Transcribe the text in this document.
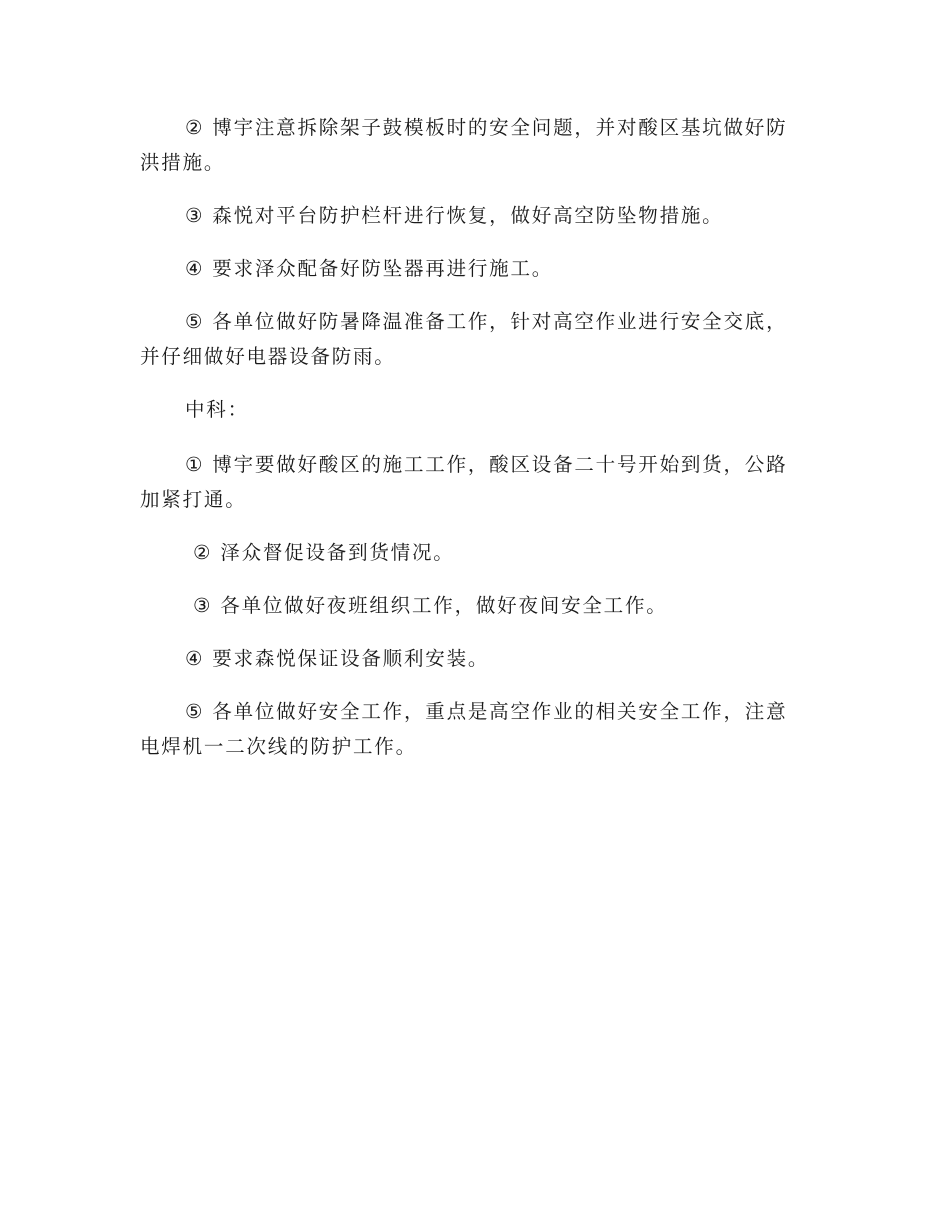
② 博宇注意拆除架子鼓模板时的安全问题，并对酸区基坑做好防洪措施。

③ 森悦对平台防护栏杆进行恢复，做好高空防坠物措施。

④ 要求泽众配备好防坠器再进行施工。

⑤ 各单位做好防暑降温准备工作，针对高空作业进行安全交底，并仔细做好电器设备防雨。

中科：

① 博宇要做好酸区的施工工作，酸区设备二十号开始到货，公路加紧打通。

② 泽众督促设备到货情况。

③ 各单位做好夜班组织工作，做好夜间安全工作。

④ 要求森悦保证设备顺利安装。

⑤ 各单位做好安全工作，重点是高空作业的相关安全工作，注意电焊机一二次线的防护工作。
